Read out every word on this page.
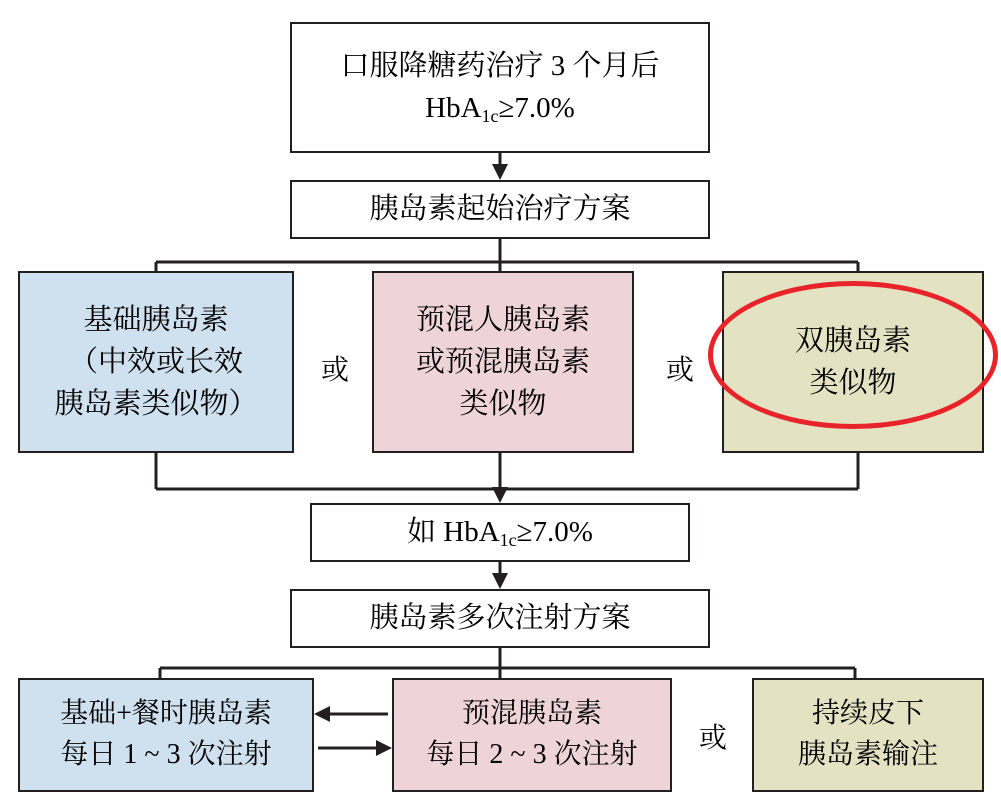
口服降糖药治疗 3 个月后
HbA$_{1c}$≥7.0%
胰岛素起始治疗方案
基础胰岛素
（中效或长效
胰岛素类似物）
或
预混人胰岛素
或预混胰岛素
类似物
或
双胰岛素
类似物
如 HbA$_{1c}$≥7.0%
胰岛素多次注射方案
基础+餐时胰岛素
每日 1 ~ 3 次注射
预混胰岛素
每日 2 ~ 3 次注射
或
持续皮下
胰岛素输注
